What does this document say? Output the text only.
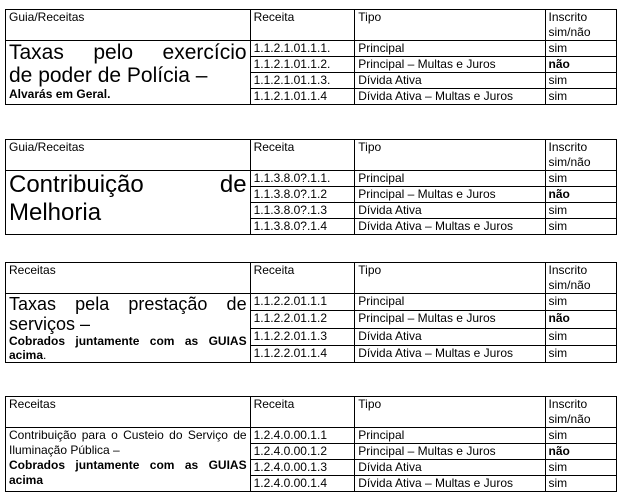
Guia/Receitas	Receita	Tipo	Inscrito sim/não

Taxas pelo exercício
de poder de Polícia –
Alvarás em Geral.	1.1.2.1.01.1.1.	Principal	sim
	1.1.2.1.01.1.2.	Principal – Multas e Juros	não
	1.1.2.1.01.1.3.	Dívida Ativa	sim
	1.1.2.1.01.1.4	Dívida Ativa – Multas e Juros	sim
Guia/Receitas	Receita	Tipo	Inscrito sim/não

Contribuição de
Melhoria	1.1.3.8.0?.1.1.	Principal	sim
	1.1.3.8.0?.1.2	Principal – Multas e Juros	não
	1.1.3.8.0?.1.3	Dívida Ativa	sim
	1.1.3.8.0?.1.4	Dívida Ativa – Multas e Juros	sim
Receitas	Receita	Tipo	Inscrito sim/não

Taxas pela prestação de
serviços –
Cobrados juntamente com as GUIAS acima.	1.1.2.2.01.1.1	Principal	sim
	1.1.2.2.01.1.2	Principal – Multas e Juros	não
	1.1.2.2.01.1.3	Dívida Ativa	sim
	1.1.2.2.01.1.4	Dívida Ativa – Multas e Juros	sim
Receitas	Receita	Tipo	Inscrito sim/não

Contribuição para o Custeio do Serviço de Iluminação Pública –
Cobrados juntamente com as GUIAS acima	1.2.4.0.00.1.1	Principal	sim
	1.2.4.0.00.1.2	Principal – Multas e Juros	não
	1.2.4.0.00.1.3	Dívida Ativa	sim
	1.2.4.0.00.1.4	Dívida Ativa – Multas e Juros	sim
